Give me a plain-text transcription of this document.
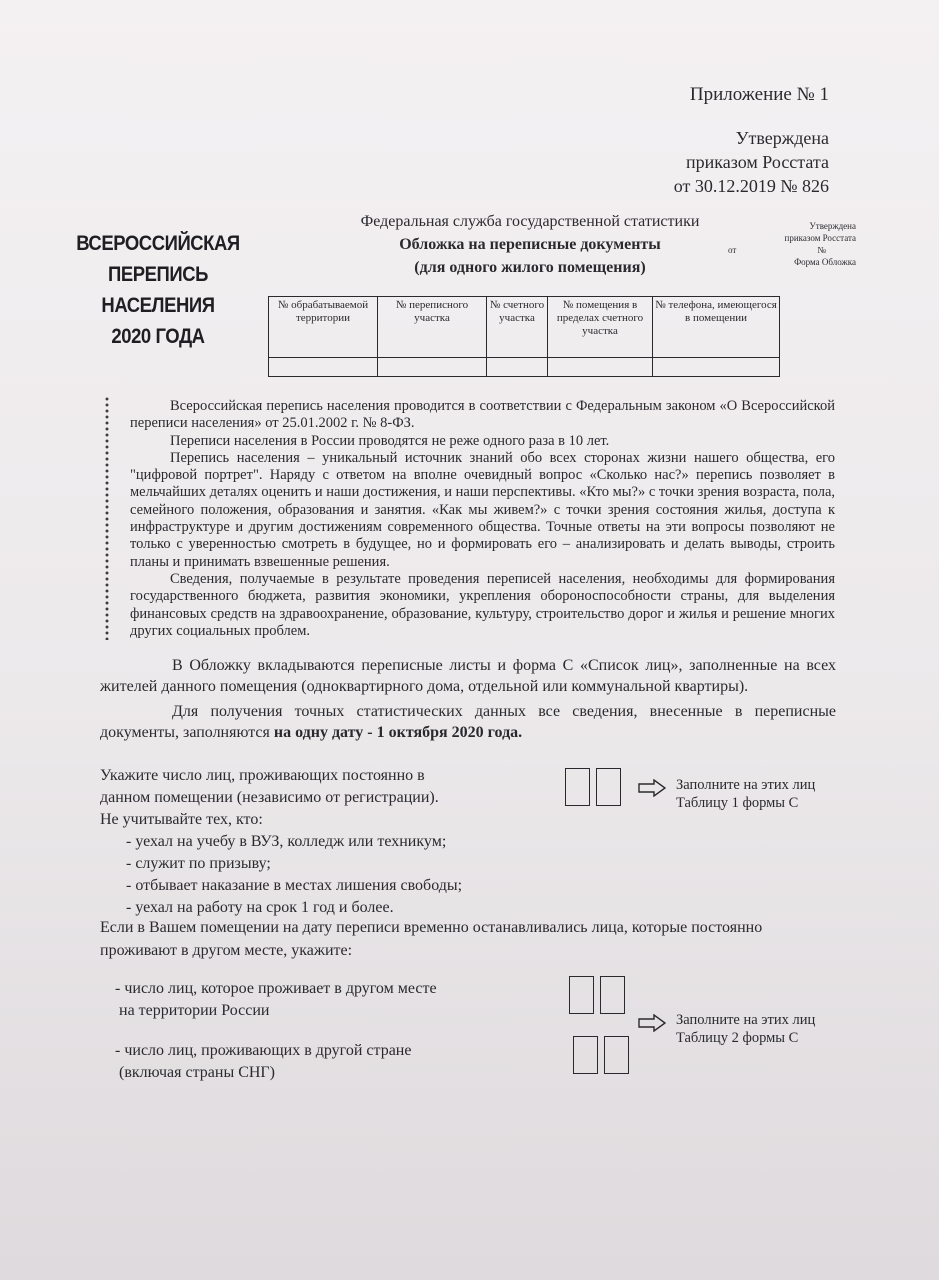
Приложение № 1
Утверждена
приказом Росстата
от 30.12.2019 № 826
ВСЕРОССИЙСКАЯ
ПЕРЕПИСЬ
НАСЕЛЕНИЯ
2020 ГОДА
Федеральная служба государственной статистики
Обложка на переписные документы
(для одного жилого помещения)
Утверждена
приказом Росстата
от	№
Форма Обложка
№ обрабатываемой территории	№ переписного участка	№ счетного участка	№ помещения в пределах счетного участка	№ телефона, имеющегося в помещении

Всероссийская перепись населения проводится в соответствии с Федеральным законом «О Всероссийской переписи населения» от 25.01.2002 г. № 8-ФЗ.

Переписи населения в России проводятся не реже одного раза в 10 лет.

Перепись населения – уникальный источник знаний обо всех сторонах жизни нашего общества, его "цифровой портрет". Наряду с ответом на вполне очевидный вопрос «Сколько нас?» перепись позволяет в мельчайших деталях оценить и наши достижения, и наши перспективы. «Кто мы?» с точки зрения возраста, пола, семейного положения, образования и занятия. «Как мы живем?» с точки зрения состояния жилья, доступа к инфраструктуре и другим достижениям современного общества. Точные ответы на эти вопросы позволяют не только с уверенностью смотреть в будущее, но и формировать его – анализировать и делать выводы, строить планы и принимать взвешенные решения.

Сведения, получаемые в результате проведения переписей населения, необходимы для формирования государственного бюджета, развития экономики, укрепления обороноспособности страны, для выделения финансовых средств на здравоохранение, образование, культуру, строительство дорог и жилья и решение многих других социальных проблем.

В Обложку вкладываются переписные листы и форма С «Список лиц», заполненные на всех жителей данного помещения (одноквартирного дома, отдельной или коммунальной квартиры).

Для получения точных статистических данных все сведения, внесенные в переписные документы, заполняются на одну дату - 1 октября 2020 года.

Укажите число лиц, проживающих постоянно в
данном помещении (независимо от регистрации).
Не учитывайте тех, кто:
- уехал на учебу в ВУЗ, колледж или техникум;
- служит по призыву;
- отбывает наказание в местах лишения свободы;
- уехал на работу на срок 1 год и более.
Заполните на этих лиц
Таблицу 1 формы С
Если в Вашем помещении на дату переписи временно останавливались лица, которые постоянно проживают в другом месте, укажите:
- число лиц, которое проживает в другом месте
на территории России
- число лиц, проживающих в другой стране
(включая страны СНГ)
Заполните на этих лиц
Таблицу 2 формы С
